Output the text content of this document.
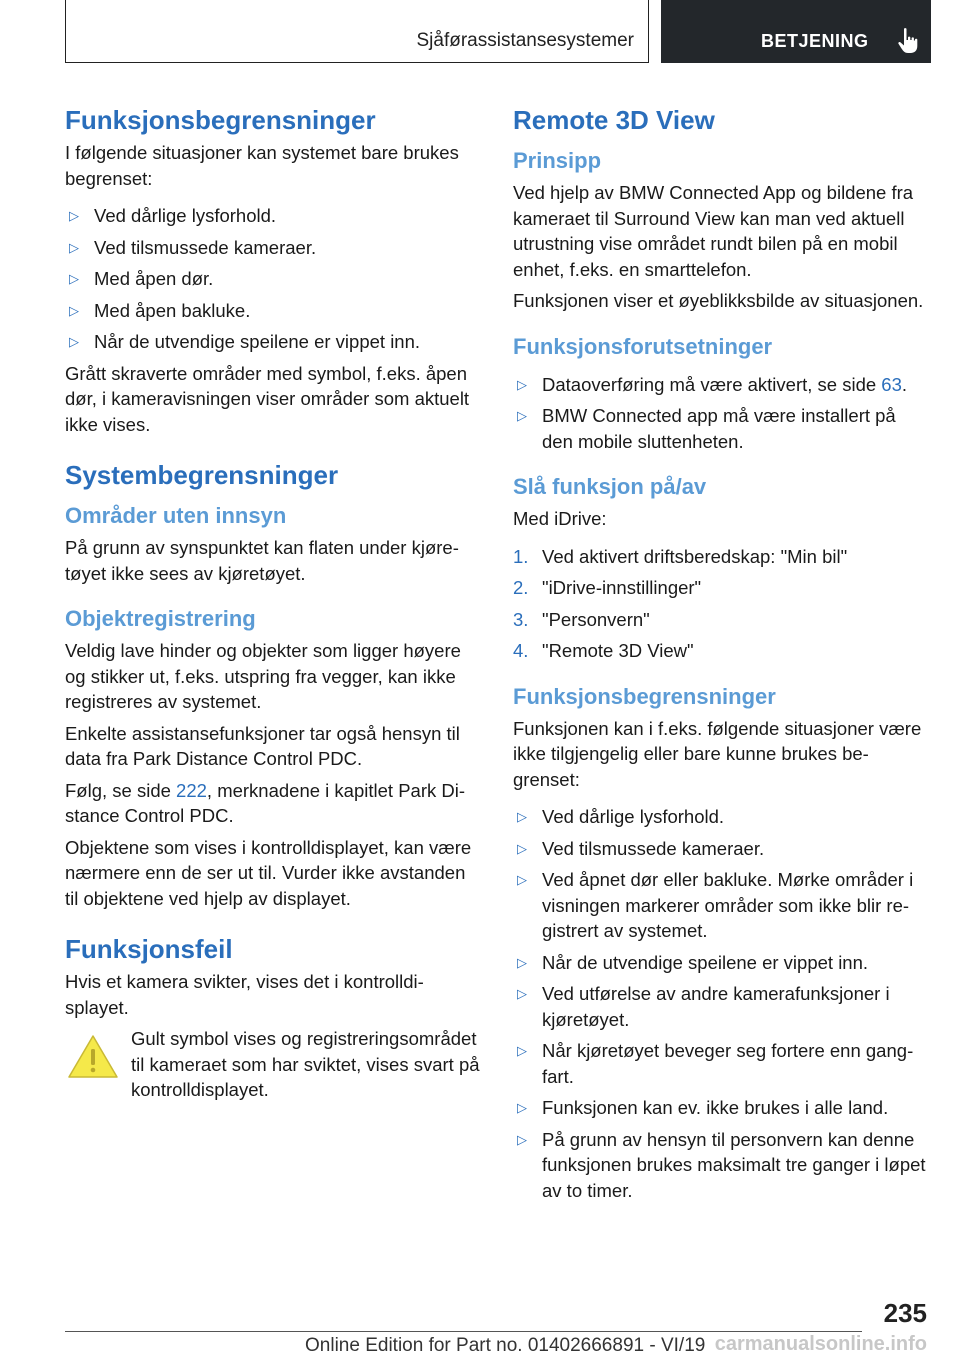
Sjåførassistansesystemer	BETJENING
Funksjonsbegrensninger

I følgende situasjoner kan systemet bare brukes begrenset:

▷ Ved dårlige lysforhold.
▷ Ved tilsmussede kameraer.
▷ Med åpen dør.
▷ Med åpen bakluke.
▷ Når de utvendige speilene er vippet inn.

Grått skraverte områder med symbol, f.eks. åpen dør, i kameravisningen viser områder som aktuelt ikke vises.

Systembegrensninger
Områder uten innsyn

På grunn av synspunktet kan flaten under kjøretøyet ikke sees av kjøretøyet.

Objektregistrering

Veldig lave hinder og objekter som ligger høyere og stikker ut, f.eks. utspring fra vegger, kan ikke registreres av systemet.

Enkelte assistansefunksjoner tar også hensyn til data fra Park Distance Control PDC.

Følg, se side 222, merknadene i kapitlet Park Distance Control PDC.

Objektene som vises i kontrolldisplayet, kan være nærmere enn de ser ut til. Vurder ikke avstanden til objektene ved hjelp av displayet.

Funksjonsfeil

Hvis et kamera svikter, vises det i kontrolldisplayet.

Gult symbol vises og registreringsområdet til kameraet som har sviktet, vises svart på kontrolldisplayet.

Remote 3D View
Prinsipp

Ved hjelp av BMW Connected App og bildene fra kameraet til Surround View kan man ved aktuell utrustning vise området rundt bilen på en mobil enhet, f.eks. en smarttelefon.

Funksjonen viser et øyeblikksbilde av situasjonen.

Funksjonsforutsetninger
▷ Dataoverføring må være aktivert, se side 63.
▷ BMW Connected app må være installert på den mobile sluttenheten.
Slå funksjon på/av

Med iDrive:

1. Ved aktivert driftsberedskap: "Min bil"
2. "iDrive-innstillinger"
3. "Personvern"
4. "Remote 3D View"
Funksjonsbegrensninger

Funksjonen kan i f.eks. følgende situasjoner være ikke tilgjengelig eller bare kunne brukes begrenset:

▷ Ved dårlige lysforhold.
▷ Ved tilsmussede kameraer.
▷ Ved åpnet dør eller bakluke. Mørke områder i visningen markerer områder som ikke blir registrert av systemet.
▷ Når de utvendige speilene er vippet inn.
▷ Ved utførelse av andre kamerafunksjoner i kjøretøyet.
▷ Når kjøretøyet beveger seg fortere enn gangfart.
▷ Funksjonen kan ev. ikke brukes i alle land.
▷ På grunn av hensyn til personvern kan denne funksjonen brukes maksimalt tre ganger i løpet av to timer.
235
Online Edition for Part no. 01402666891 - VI/19 carmanualsonline.info
